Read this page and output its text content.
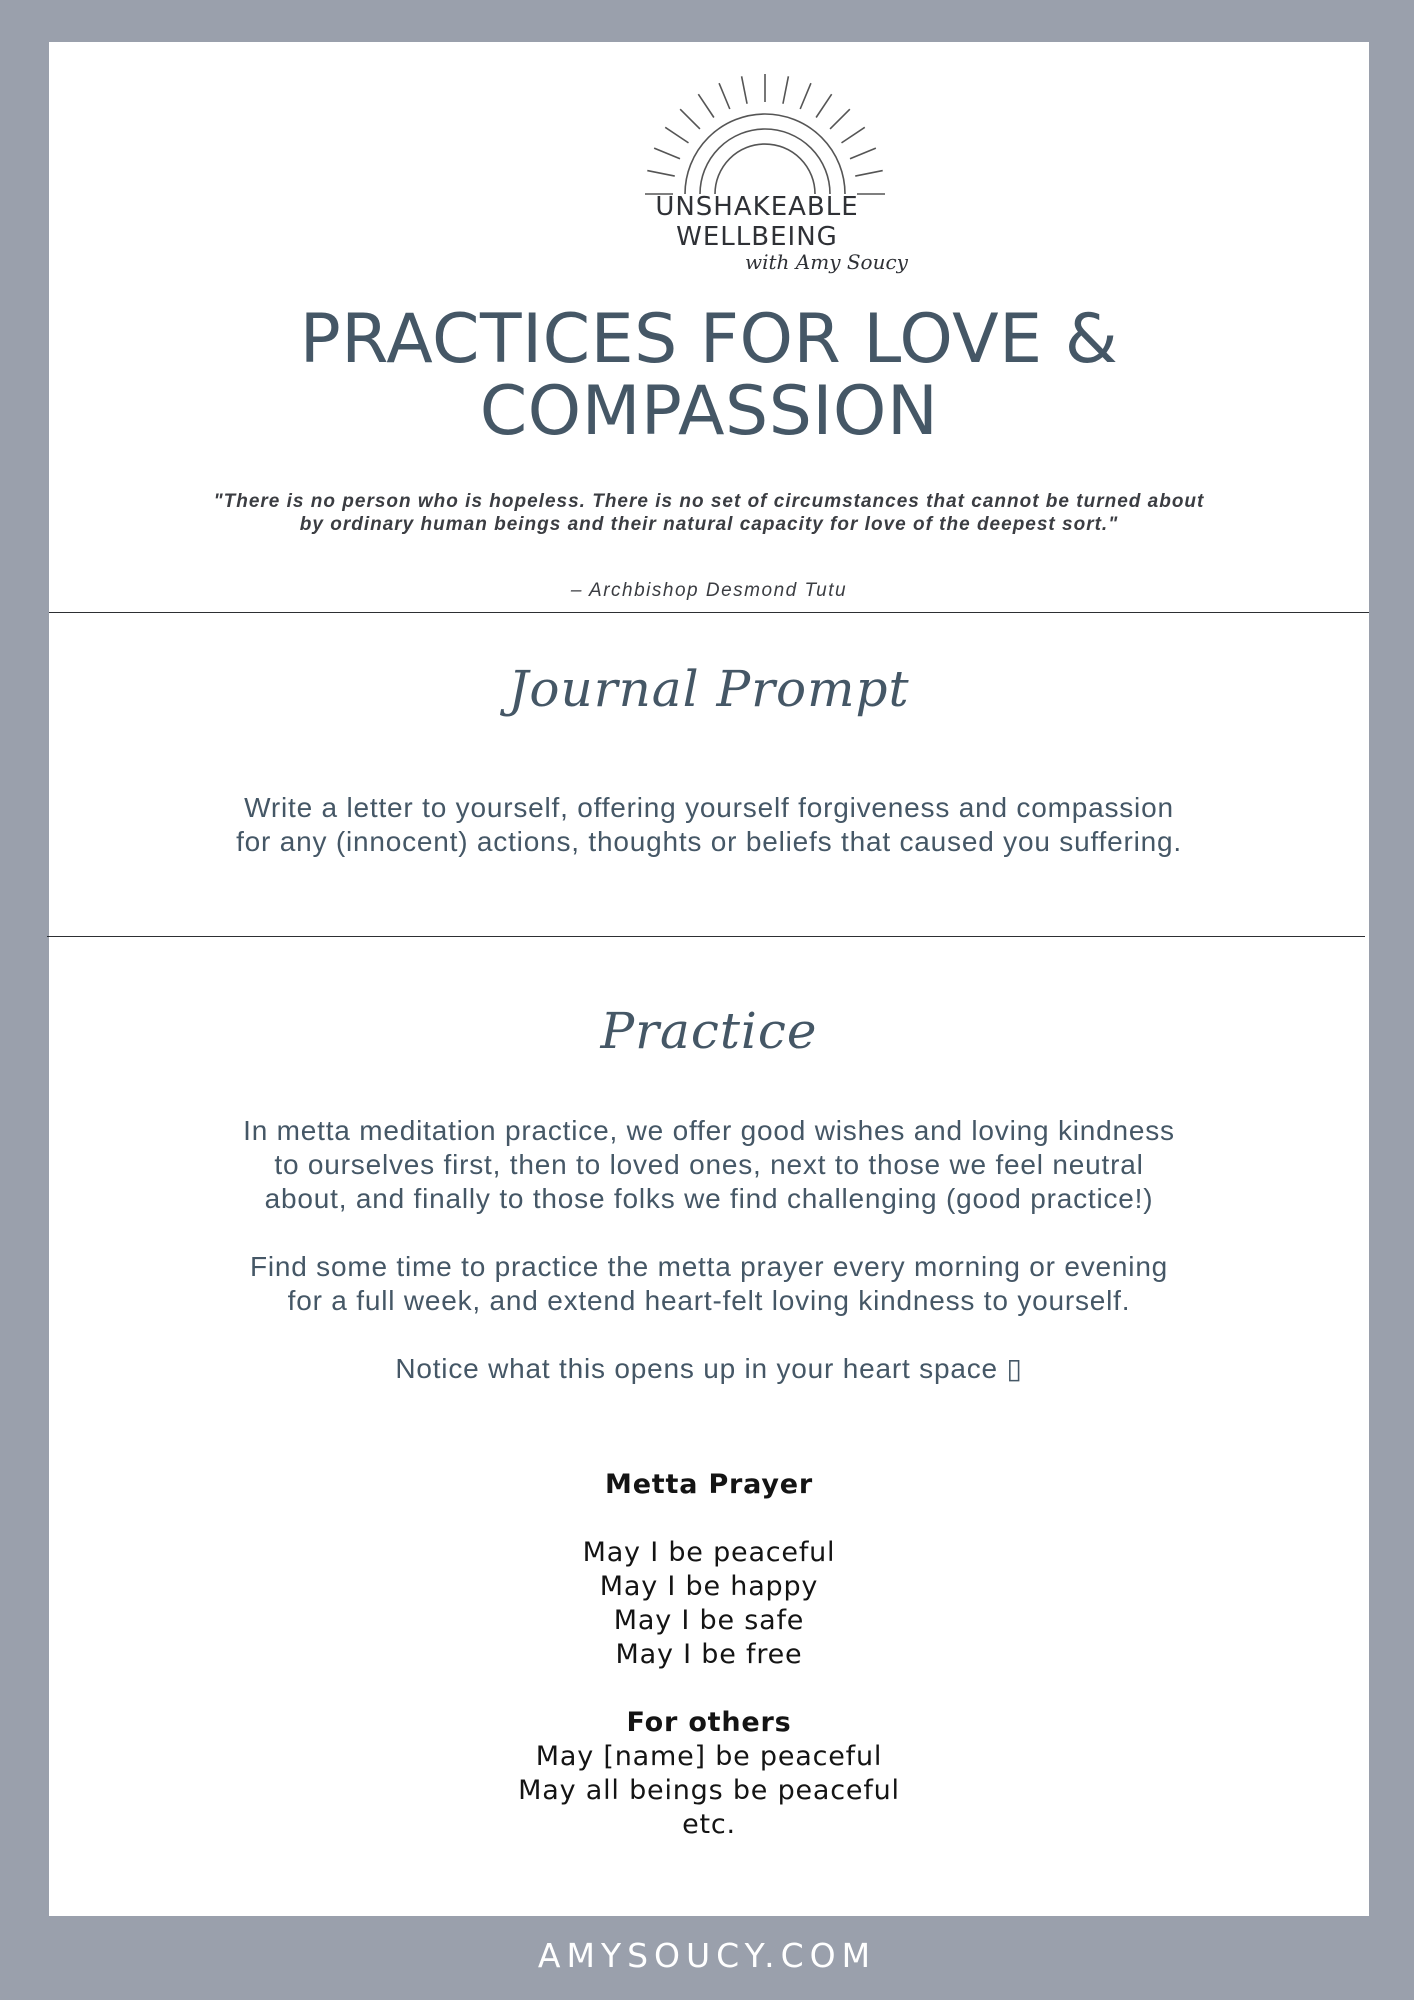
UNSHAKEABLE
WELLBEING
with Amy Soucy
PRACTICES FOR LOVE &
COMPASSION
"There is no person who is hopeless. There is no set of circumstances that cannot be turned about
by ordinary human beings and their natural capacity for love of the deepest sort."
– Archbishop Desmond Tutu
Journal Prompt
Write a letter to yourself, offering yourself forgiveness and compassion
for any (innocent) actions, thoughts or beliefs that caused you suffering.
Practice
In metta meditation practice, we offer good wishes and loving kindness
to ourselves first, then to loved ones, next to those we feel neutral
about, and finally to those folks we find challenging (good practice!)
Find some time to practice the metta prayer every morning or evening
for a full week, and extend heart-felt loving kindness to yourself.
Notice what this opens up in your heart space ▯
Metta Prayer
May I be peaceful
May I be happy
May I be safe
May I be free
For others
May [name] be peaceful
May all beings be peaceful
etc.
AMYSOUCY.COM
